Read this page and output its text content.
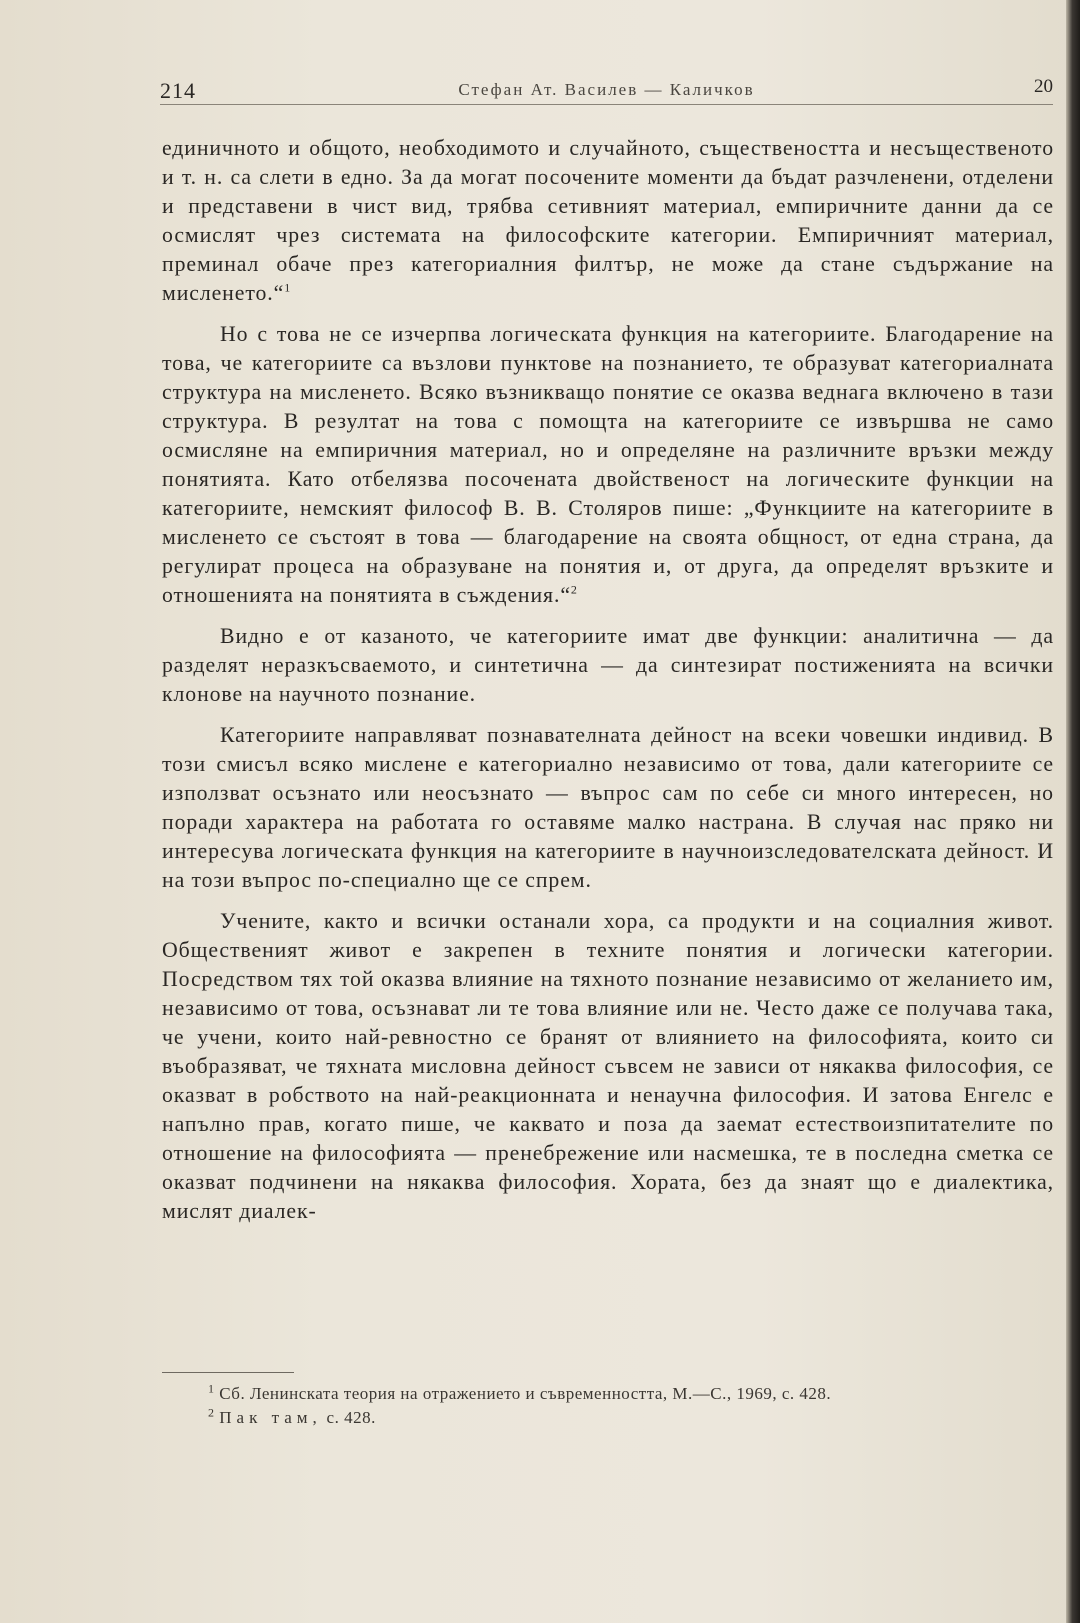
214	Стефан Ат. Василев — Каличков	20

единичното и общото, необходимото и случайното, съществеността и несъщественото и т. н. са слети в едно. За да могат посочените моменти да бъдат разчленени, отделени и представени в чист вид, трябва сетивният материал, емпиричните данни да се осмислят чрез системата на философските категории. Емпиричният материал, преминал обаче през категориалния филтър, не може да стане съдържание на мисленето.“$^1$

Но с това не се изчерпва логическата функция на категориите. Благодарение на това, че категориите са възлови пунктове на познанието, те образуват категориалната структура на мисленето. Всяко възникващо понятие се оказва веднага включено в тази структура. В резултат на това с помощта на категориите се извършва не само осмисляне на емпиричния материал, но и определяне на различните връзки между понятията. Като отбелязва посочената двойственост на логическите функции на категориите, немският философ В. В. Столяров пише: „Функциите на категориите в мисленето се състоят в това — благодарение на своята общност, от една страна, да регулират процеса на образуване на понятия и, от друга, да определят връзките и отношенията на понятията в съждения.“$^2$

Видно е от казаното, че категориите имат две функции: аналитична — да разделят неразкъсваемото, и синтетична — да синтезират постиженията на всички клонове на научното познание.

Категориите направляват познавателната дейност на всеки човешки индивид. В този смисъл всяко мислене е категориално независимо от това, дали категориите се използват осъзнато или неосъзнато — въпрос сам по себе си много интересен, но поради характера на работата го оставяме малко настрана. В случая нас пряко ни интересува логическата функция на категориите в научноизследователската дейност. И на този въпрос по-специално ще се спрем.

Учените, както и всички останали хора, са продукти и на социалния живот. Общественият живот е закрепен в техните понятия и логически категории. Посредством тях той оказва влияние на тяхното познание независимо от желанието им, независимо от това, осъзнават ли те това влияние или не. Често даже се получава така, че учени, които най-ревностно се бранят от влиянието на философията, които си въобразяват, че тяхната мисловна дейност съвсем не зависи от някаква философия, се оказват в робството на най-реакционната и ненаучна философия. И затова Енгелс е напълно прав, когато пише, че каквато и поза да заемат естествоизпитателите по отношение на философията — пренебрежение или насмешка, те в последна сметка се оказват подчинени на някаква философия. Хората, без да знаят що е диалектика, мислят диалек-

$^1$ Сб. Ленинската теория на отражението и съвременността, М.—С., 1969, с. 428.

$^2$ Пак там, с. 428.
